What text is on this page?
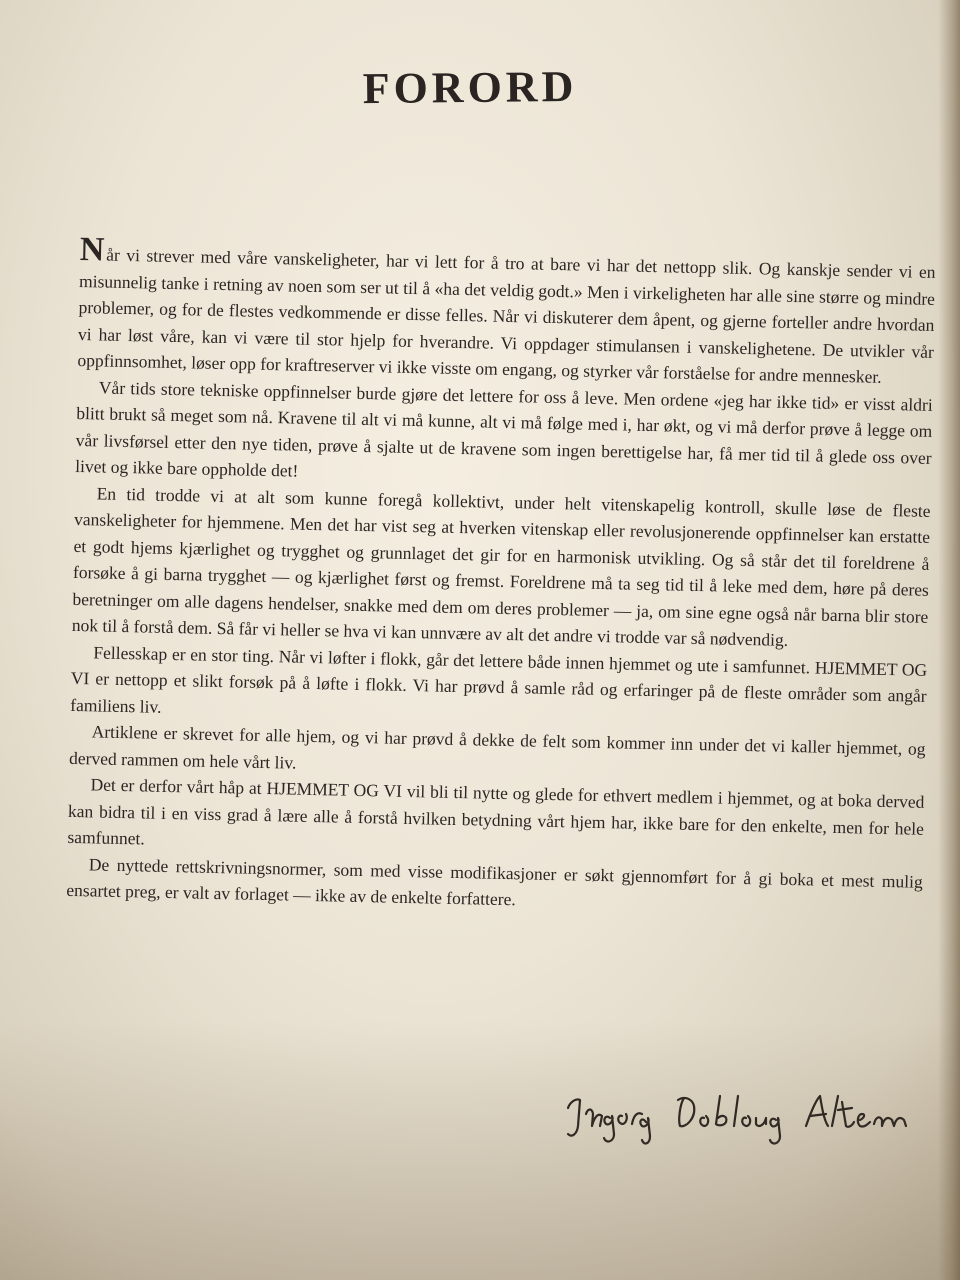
FORORD

Når vi strever med våre vanskeligheter, har vi lett for å tro at bare vi har det nettopp slik. Og kanskje sender vi en misunnelig tanke i retning av noen som ser ut til å «ha det veldig godt.» Men i virkeligheten har alle sine større og mindre problemer, og for de flestes vedkommende er disse felles. Når vi diskuterer dem åpent, og gjerne forteller andre hvordan vi har løst våre, kan vi være til stor hjelp for hverandre. Vi oppdager stimulansen i vanskelighetene. De utvikler vår oppfinnsomhet, løser opp for kraftreserver vi ikke visste om engang, og styrker vår forståelse for andre mennesker.

Vår tids store tekniske oppfinnelser burde gjøre det lettere for oss å leve. Men ordene «jeg har ikke tid» er visst aldri blitt brukt så meget som nå. Kravene til alt vi må kunne, alt vi må følge med i, har økt, og vi må derfor prøve å legge om vår livsførsel etter den nye tiden, prøve å sjalte ut de kravene som ingen berettigelse har, få mer tid til å glede oss over livet og ikke bare oppholde det!

En tid trodde vi at alt som kunne foregå kollektivt, under helt vitenskapelig kontroll, skulle løse de fleste vanskeligheter for hjemmene. Men det har vist seg at hverken vitenskap eller revolusjonerende oppfinnelser kan erstatte et godt hjems kjærlighet og trygghet og grunnlaget det gir for en harmonisk utvikling. Og så står det til foreldrene å forsøke å gi barna trygghet — og kjærlighet først og fremst. Foreldrene må ta seg tid til å leke med dem, høre på deres beretninger om alle dagens hendelser, snakke med dem om deres problemer — ja, om sine egne også når barna blir store nok til å forstå dem. Så får vi heller se hva vi kan unnvære av alt det andre vi trodde var så nødvendig.

Fellesskap er en stor ting. Når vi løfter i flokk, går det lettere både innen hjemmet og ute i samfunnet. HJEMMET OG VI er nettopp et slikt forsøk på å løfte i flokk. Vi har prøvd å samle råd og erfaringer på de fleste områder som angår familiens liv.

Artiklene er skrevet for alle hjem, og vi har prøvd å dekke de felt som kommer inn under det vi kaller hjemmet, og derved rammen om hele vårt liv.

Det er derfor vårt håp at HJEMMET OG VI vil bli til nytte og glede for ethvert medlem i hjemmet, og at boka derved kan bidra til i en viss grad å lære alle å forstå hvilken betydning vårt hjem har, ikke bare for den enkelte, men for hele samfunnet.

De nyttede rettskrivningsnormer, som med visse modifikasjoner er søkt gjennomført for å gi boka et mest mulig ensartet preg, er valt av forlaget — ikke av de enkelte forfattere.
